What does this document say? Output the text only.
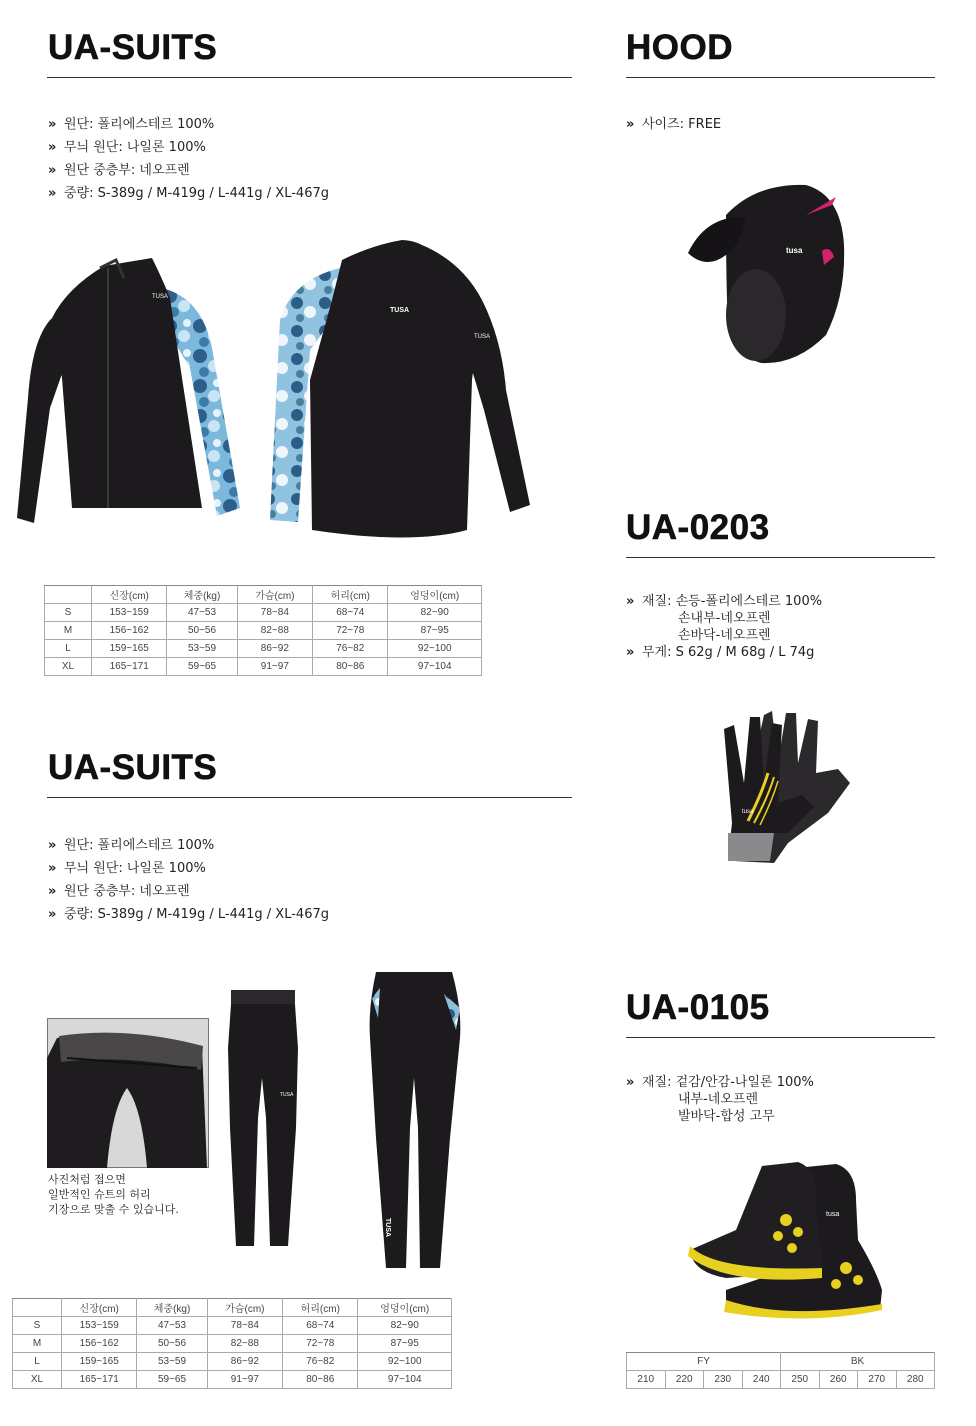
UA-SUITS
» 원단: 폴리에스테르 100%
» 무늬 원단: 나일론 100%
» 원단 중층부: 네오프렌
» 중량: S-389g / M-419g / L-441g / XL-467g
TUSA
TUSA
TUSA
	신장(cm)	체중(kg)	가슴(cm)	허리(cm)	엉덩이(cm)
S	153~159	47~53	78~84	68~74	82~90
M	156~162	50~56	82~88	72~78	87~95
L	159~165	53~59	86~92	76~82	92~100
XL	165~171	59~65	91~97	80~86	97~104
UA-SUITS
» 원단: 폴리에스테르 100%
» 무늬 원단: 나일론 100%
» 원단 중층부: 네오프렌
» 중량: S-389g / M-419g / L-441g / XL-467g
사진처럼 접으면
일반적인 슈트의 허리
기장으로 맞출 수 있습니다.
TUSA
TUSA
	신장(cm)	체중(kg)	가슴(cm)	허리(cm)	엉덩이(cm)
S	153~159	47~53	78~84	68~74	82~90
M	156~162	50~56	82~88	72~78	87~95
L	159~165	53~59	86~92	76~82	92~100
XL	165~171	59~65	91~97	80~86	97~104
HOOD
» 사이즈: FREE
tusa
UA-0203
» 재질: 손등-폴리에스테르 100%
손내부-네오프렌
손바닥-네오프렌
» 무게: S 62g / M 68g / L 74g
tusa
UA-0105
» 재질: 겉감/안감-나일론 100%
내부-네오프렌
발바닥-합성 고무
tusa
FY				BK			
210	220	230	240	250	260	270	280
